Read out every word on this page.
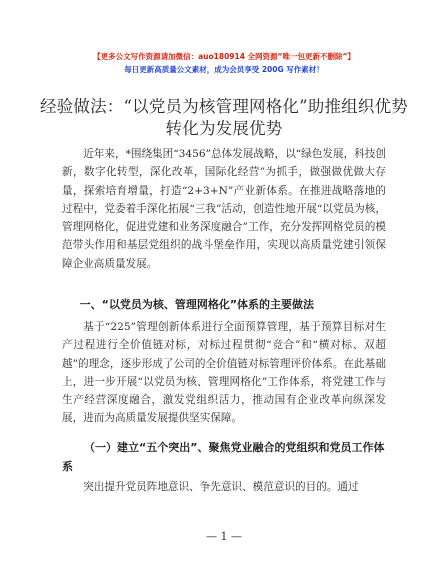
【更多公文写作资源请加微信：auo180914 全网资源“唯一包更新不删除”】
每日更新高质量公文素材，成为会员享受 200G 写作素材！
经验做法：“以党员为核管理网格化”助推组织优势转化为发展优势
近年来，*围绕集团“3456”总体发展战略，以“绿色发展，科技创新，数字化转型，深化改革，国际化经营”为抓手，做强做优做大存量，探索培育增量，打造“2+3+N”产业新体系。在推进战略落地的过程中，党委着手深化拓展“三我”活动，创造性地开展“以党员为核，管理网格化，促进党建和业务深度融合”工作，充分发挥网格党员的模范带头作用和基层党组织的战斗堡垒作用，实现以高质量党建引领保障企业高质量发展。
一、“以党员为核、管理网格化”体系的主要做法
基于“225”管理创新体系进行全面预算管理，基于预算目标对生产过程进行全价值链对标，对标过程贯彻“竞合”和“横对标、双超越”的理念，逐步形成了公司的全价值链对标管理评价体系。在此基础上，进一步开展“以党员为核、管理网格化”工作体系，将党建工作与生产经营深度融合，激发党组织活力，推动国有企业改革向纵深发展，进而为高质量发展提供坚实保障。
（一）建立“五个突出”、聚焦党业融合的党组织和党员工作体系
突出提升党员阵地意识、争先意识、模范意识的目的。通过
— 1 —
